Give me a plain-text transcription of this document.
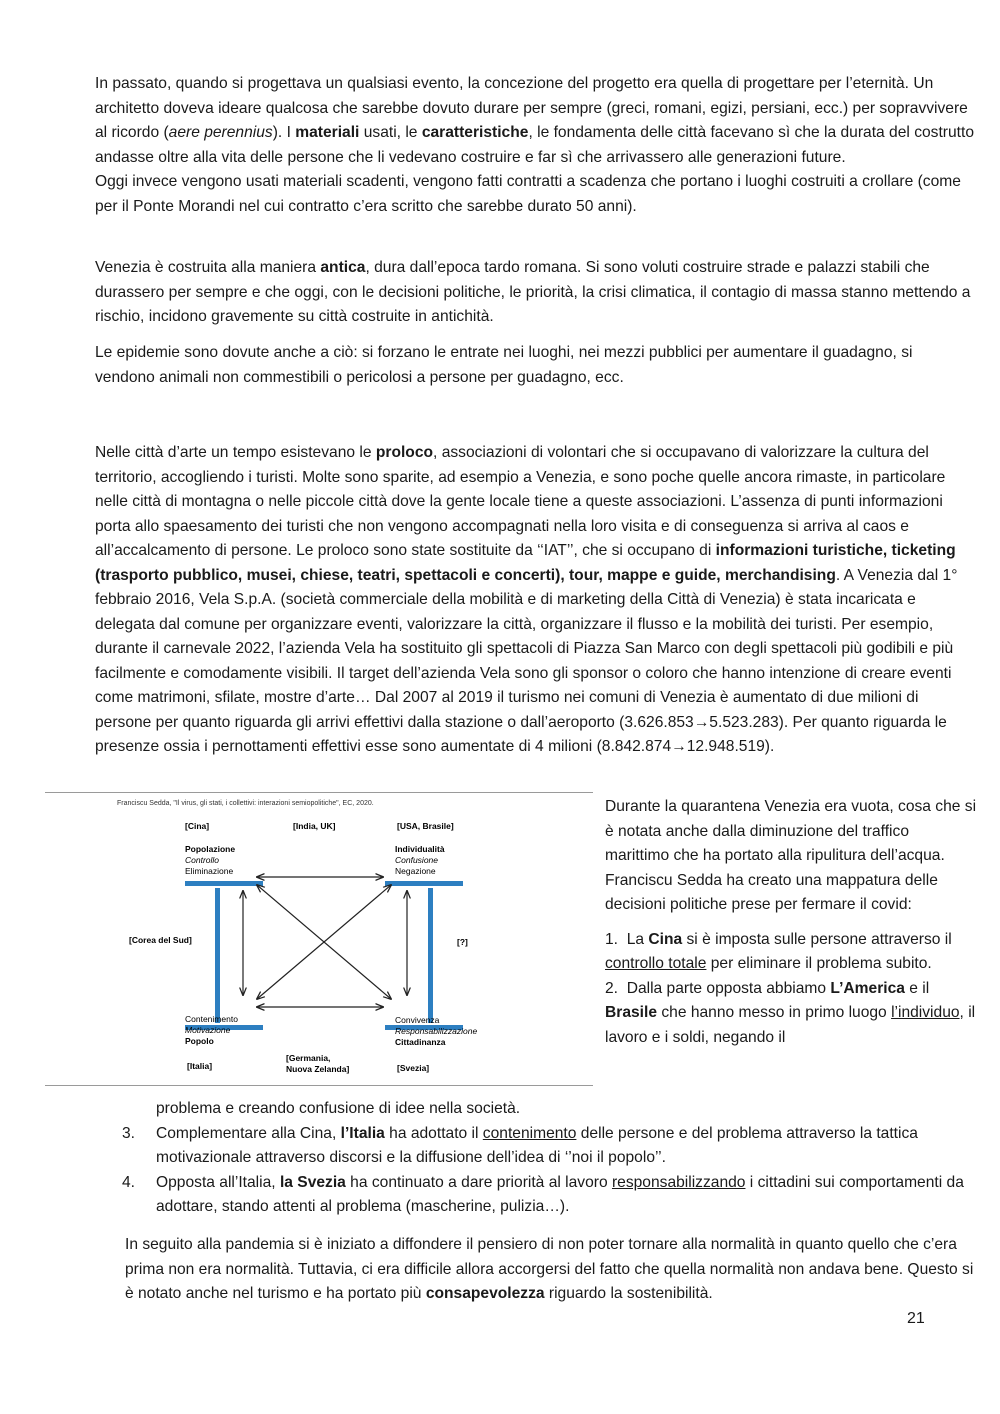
In passato, quando si progettava un qualsiasi evento, la concezione del progetto era quella di progettare per l’eternità. Un architetto doveva ideare qualcosa che sarebbe dovuto durare per sempre (greci, romani, egizi, persiani, ecc.) per sopravvivere al ricordo (aere perennius). I materiali usati, le caratteristiche, le fondamenta delle città facevano sì che la durata del costrutto andasse oltre alla vita delle persone che li vedevano costruire e far sì che arrivassero alle generazioni future.
Oggi invece vengono usati materiali scadenti, vengono fatti contratti a scadenza che portano i luoghi costruiti a crollare (come per il Ponte Morandi nel cui contratto c’era scritto che sarebbe durato 50 anni).

Venezia è costruita alla maniera antica, dura dall’epoca tardo romana. Si sono voluti costruire strade e palazzi stabili che durassero per sempre e che oggi, con le decisioni politiche, le priorità, la crisi climatica, il contagio di massa stanno mettendo a rischio, incidono gravemente su città costruite in antichità.

Le epidemie sono dovute anche a ciò: si forzano le entrate nei luoghi, nei mezzi pubblici per aumentare il guadagno, si vendono animali non commestibili o pericolosi a persone per guadagno, ecc.

Nelle città d’arte un tempo esistevano le proloco, associazioni di volontari che si occupavano di valorizzare la cultura del territorio, accogliendo i turisti. Molte sono sparite, ad esempio a Venezia, e sono poche quelle ancora rimaste, in particolare nelle città di montagna o nelle piccole città dove la gente locale tiene a queste associazioni. L’assenza di punti informazioni porta allo spaesamento dei turisti che non vengono accompagnati nella loro visita e di conseguenza si arriva al caos e all’accalcamento di persone. Le proloco sono state sostituite da ‘‘IAT’’, che si occupano di informazioni turistiche, ticketing (trasporto pubblico, musei, chiese, teatri, spettacoli e concerti), tour, mappe e guide, merchandising. A Venezia dal 1° febbraio 2016, Vela S.p.A. (società commerciale della mobilità e di marketing della Città di Venezia) è stata incaricata e delegata dal comune per organizzare eventi, valorizzare la città, organizzare il flusso e la mobilità dei turisti. Per esempio, durante il carnevale 2022, l’azienda Vela ha sostituito gli spettacoli di Piazza San Marco con degli spettacoli più godibili e più facilmente e comodamente visibili. Il target dell’azienda Vela sono gli sponsor o coloro che hanno intenzione di creare eventi come matrimoni, sfilate, mostre d’arte… Dal 2007 al 2019 il turismo nei comuni di Venezia è aumentato di due milioni di persone per quanto riguarda gli arrivi effettivi dalla stazione o dall’aeroporto (3.626.853→5.523.283). Per quanto riguarda le presenze ossia i pernottamenti effettivi esse sono aumentate di 4 milioni (8.842.874→12.948.519).

Franciscu Sedda, "Il virus, gli stati, i collettivi: interazioni semiopolitiche", EC, 2020.
[Cina]	[India, UK]	[USA, Brasile]
Popolazione
Controllo
Eliminazione
Individualità
Confusione
Negazione
[Corea del Sud]	[?]
Contenimento
Motivazione
Popolo
Convivenza
Responsabilizzazione
Cittadinanza
[Italia]
[Germania,
Nuova Zelanda]	[Svezia]

Durante la quarantena Venezia era vuota, cosa che si è notata anche dalla diminuzione del traffico marittimo che ha portato alla ripulitura dell’acqua. Franciscu Sedda ha creato una mappatura delle decisioni politiche prese per fermare il covid:

1. La Cina si è imposta sulle persone attraverso il controllo totale per eliminare il problema subito.

2. Dalla parte opposta abbiamo L’America e il Brasile che hanno messo in primo luogo l’individuo, il lavoro e i soldi, negando il

problema e creando confusione di idee nella società.
3. Complementare alla Cina, l’Italia ha adottato il contenimento delle persone e del problema attraverso la tattica motivazionale attraverso discorsi e la diffusione dell’idea di ‘’noi il popolo’’.
4. Opposta all’Italia, la Svezia ha continuato a dare priorità al lavoro responsabilizzando i cittadini sui comportamenti da adottare, stando attenti al problema (mascherine, pulizia…).

In seguito alla pandemia si è iniziato a diffondere il pensiero di non poter tornare alla normalità in quanto quello che c’era prima non era normalità. Tuttavia, ci era difficile allora accorgersi del fatto che quella normalità non andava bene. Questo si è notato anche nel turismo e ha portato più consapevolezza riguardo la sostenibilità.

21
